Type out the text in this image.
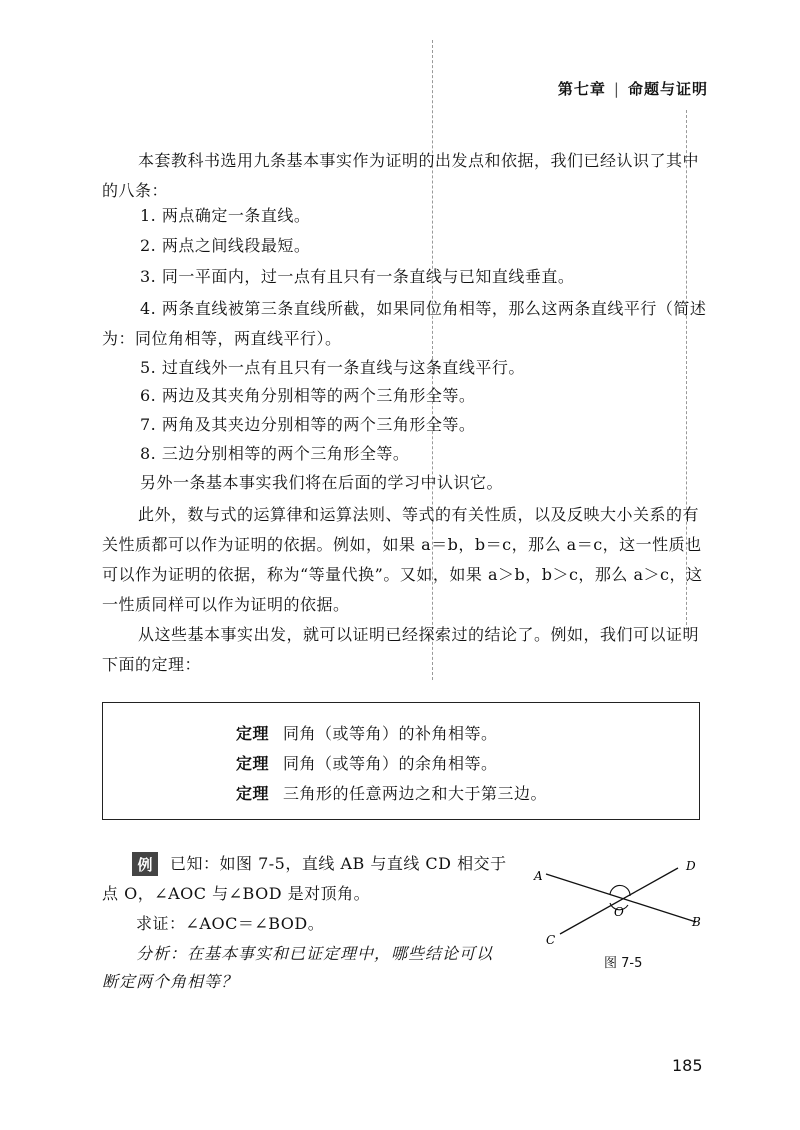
第七章 | 命题与证明
本套教科书选用九条基本事实作为证明的出发点和依据，我们已经认识了其中的八条：
1. 两点确定一条直线。
2. 两点之间线段最短。
3. 同一平面内，过一点有且只有一条直线与已知直线垂直。
4. 两条直线被第三条直线所截，如果同位角相等，那么这两条直线平行（简述为：同位角相等，两直线平行）。
5. 过直线外一点有且只有一条直线与这条直线平行。
6. 两边及其夹角分别相等的两个三角形全等。
7. 两角及其夹边分别相等的两个三角形全等。
8. 三边分别相等的两个三角形全等。
另外一条基本事实我们将在后面的学习中认识它。
此外，数与式的运算律和运算法则、等式的有关性质，以及反映大小关系的有关性质都可以作为证明的依据。例如，如果 a＝b，b＝c，那么 a＝c，这一性质也可以作为证明的依据，称为“等量代换”。又如，如果 a＞b，b＞c，那么 a＞c，这一性质同样可以作为证明的依据。
从这些基本事实出发，就可以证明已经探索过的结论了。例如，我们可以证明下面的定理：
定理 同角（或等角）的补角相等。
定理 同角（或等角）的余角相等。
定理 三角形的任意两边之和大于第三边。
例	已知：如图 7-5，直线 AB 与直线 CD 相交于
点 O，∠AOC 与∠BOD 是对顶角。
求证：∠AOC＝∠BOD。
分析：在基本事实和已证定理中，哪些结论可以
断定两个角相等？
A
D
O
B
C
图 7-5
185
